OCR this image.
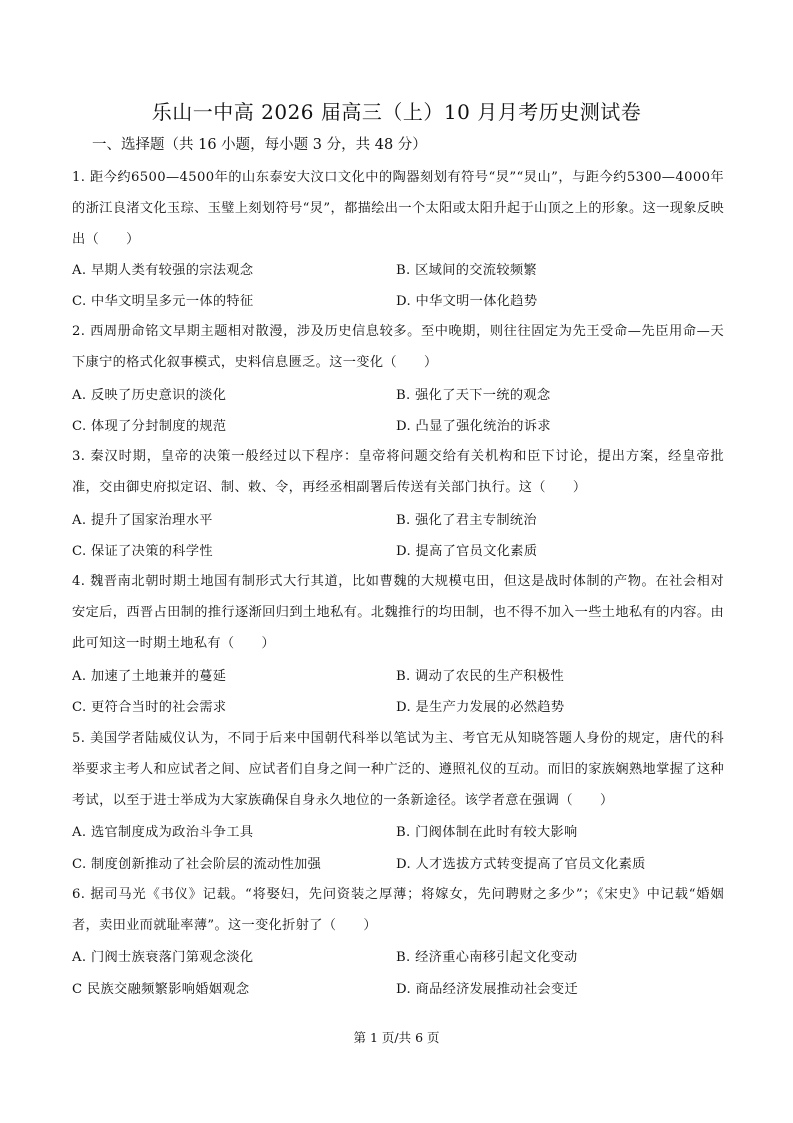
乐山一中高 2026 届高三（上）10 月月考历史测试卷
一、选择题（共 16 小题，每小题 3 分，共 48 分）
1. 距今约6500—4500年的山东泰安大汶口文化中的陶器刻划有符号“炅”“炅山”，与距今约5300—4000年的浙江良渚文化玉琮、玉璧上刻划符号“炅”，都描绘出一个太阳或太阳升起于山顶之上的形象。这一现象反映出（　　）
A. 早期人类有较强的宗法观念	B. 区域间的交流较频繁
C. 中华文明呈多元一体的特征	D. 中华文明一体化趋势
2. 西周册命铭文早期主题相对散漫，涉及历史信息较多。至中晚期，则往往固定为先王受命—先臣用命—天下康宁的格式化叙事模式，史料信息匮乏。这一变化（　　）
A. 反映了历史意识的淡化	B. 强化了天下一统的观念
C. 体现了分封制度的规范	D. 凸显了强化统治的诉求
3. 秦汉时期，皇帝的决策一般经过以下程序：皇帝将问题交给有关机构和臣下讨论，提出方案，经皇帝批准，交由御史府拟定诏、制、敕、令，再经丞相副署后传送有关部门执行。这（　　）
A. 提升了国家治理水平	B. 强化了君主专制统治
C. 保证了决策的科学性	D. 提高了官员文化素质
4. 魏晋南北朝时期土地国有制形式大行其道，比如曹魏的大规模屯田，但这是战时体制的产物。在社会相对安定后，西晋占田制的推行逐渐回归到土地私有。北魏推行的均田制，也不得不加入一些土地私有的内容。由此可知这一时期土地私有（　　）
A. 加速了土地兼并的蔓延	B. 调动了农民的生产积极性
C. 更符合当时的社会需求	D. 是生产力发展的必然趋势
5. 美国学者陆威仪认为，不同于后来中国朝代科举以笔试为主、考官无从知晓答题人身份的规定，唐代的科举要求主考人和应试者之间、应试者们自身之间一种广泛的、遵照礼仪的互动。而旧的家族娴熟地掌握了这种考试，以至于进士举成为大家族确保自身永久地位的一条新途径。该学者意在强调（　　）
A. 选官制度成为政治斗争工具	B. 门阀体制在此时有较大影响
C. 制度创新推动了社会阶层的流动性加强	D. 人才选拔方式转变提高了官员文化素质
6. 据司马光《书仪》记载。“将娶妇，先问资装之厚薄；将嫁女，先问聘财之多少”；《宋史》中记载“婚姻者，卖田业而就耻率薄”。这一变化折射了（　　）
A. 门阀士族衰落门第观念淡化	B. 经济重心南移引起文化变动
C 民族交融频繁影响婚姻观念	D. 商品经济发展推动社会变迁
第 1 页/共 6 页
